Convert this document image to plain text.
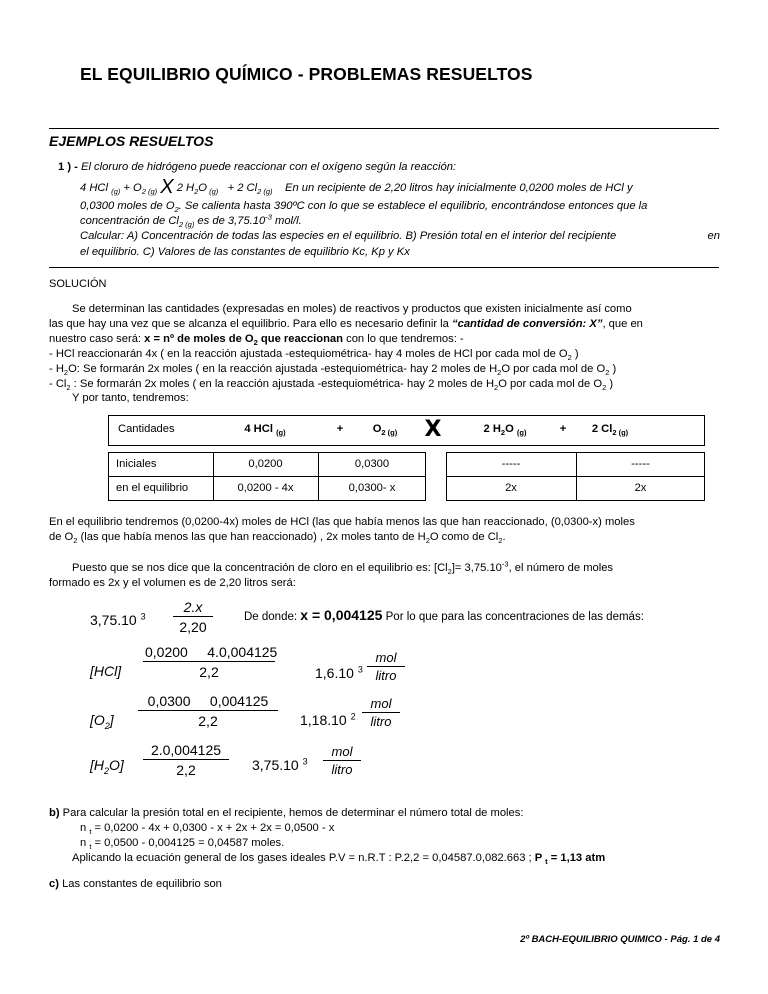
EL EQUILIBRIO QUÍMICO - PROBLEMAS RESUELTOS
EJEMPLOS RESUELTOS
1 ) - El cloruro de hidrógeno puede reaccionar con el oxígeno según la reacción:
4 HCl $_{(g)} + O_{2 (g)}$ X 2 $H_2O$ $_{(g)}$   + 2 $Cl_{2 (g)}$ En un recipiente de 2,20 litros hay inicialmente 0,0200 moles de HCl y
0,0300 moles de $O_2$. Se calienta hasta 390ºC con lo que se establece el equilibrio, encontrándose entonces que la
concentración de $Cl_{2 (g)}$ es de $3,75.10^{-3}$ mol/l.
Calcular: A) Concentración de todas las especies en el equilibrio. B) Presión total en el interior del recipiente	en
el equilibrio. C) Valores de las constantes de equilibrio Kc, Kp y Kx
SOLUCIÓN
Se determinan las cantidades (expresadas en moles) de reactivos y productos que existen inicialmente así como
las que hay una vez que se alcanza el equilibrio. Para ello es necesario definir la “cantidad de conversión: X”, que en
nuestro caso será: x = nº de moles de $O_2$ que reaccionan con lo que tendremos: -
- HCl reaccionarán 4x ( en la reacción ajustada -estequiométrica- hay 4 moles de HCl por cada mol de $O_2$ )
- $H_2O$: Se formarán 2x moles ( en la reacción ajustada -estequiométrica- hay 2 moles de $H_2O$ por cada mol de $O_2$ )
- $Cl_2$ : Se formarán 2x moles ( en la reacción ajustada -estequiométrica- hay 2 moles de $H_2O$ por cada mol de $O_2$ )
Y por tanto, tendremos:
Cantidades	4 HCl $_{(g)}$	+	$O_{2 (g)}$	X	2 $H_2O$ $_{(g)}$	+	2 $Cl_{2 (g)}$
Iniciales	0,0200	0,0300	-----	-----
en el equilibrio	0,0200 - 4x	0,0300- x	2x	2x
En el equilibrio tendremos (0,0200-4x) moles de HCl (las que había menos las que han reaccionado, (0,0300-x) moles
de $O_2$ (las que había menos las que han reaccionado) , 2x moles tanto de $H_2O$ como de $Cl_2$.
Puesto que se nos dice que la concentración de cloro en el equilibrio es: $[Cl_2]= 3,75.10^{-3}$, el número de moles
formado es 2x y el volumen es de 2,20 litros será:
3,75.10 $^3 \frac{2.x}{2,20}$	De donde: x = 0,004125 Por lo que para las concentraciones de las demás:
$[HCl] \frac{0,0200 4.0,004125}{2,2}$	1,6.10 $^3$
mol
litro
$[O_2] \frac{0,0300 0,004125}{2,2} 1,18.10$ $^2$
mol
litro
$[H_2O] \frac{2.0,004125}{2,2} 3,75.10$ $^3$
mol
litro
b) Para calcular la presión total en el recipiente, hemos de determinar el número total de moles:
n $_t$ = 0,0200 - 4x + 0,0300 - x + 2x + 2x = 0,0500 - x
n $_t$ = 0,0500 - 0,004125 = 0,04587 moles.
Aplicando la ecuación general de los gases ideales P.V = n.R.T : P.2,2 = 0,04587.0,082.663 ; P $_t$ = 1,13 atm
c) Las constantes de equilibrio son
2º BACH-EQUILIBRIO QUIMICO - Pág. 1 de 4
